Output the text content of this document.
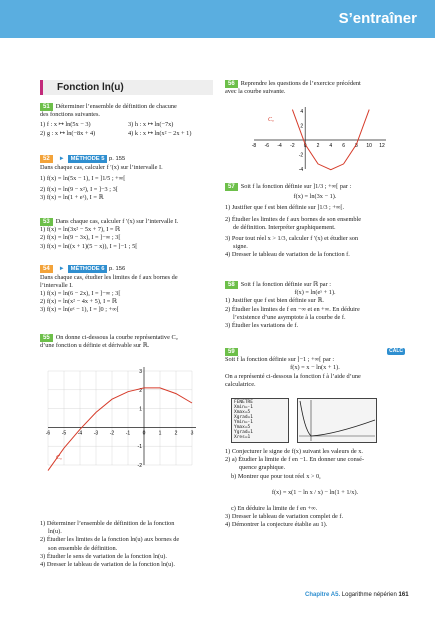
S’entraîner
Fonction ln(u)
51 Déterminer l’ensemble de définition de chacune
des fonctions suivantes.
1) f : x ↦ ln(5x − 3)	3) h : x ↦ ln(−7x)
2) g : x ↦ ln(−8x + 4)	4) k : x ↦ ln(x² − 2x + 1)
52 ► MÉTHODE 5 p. 155
Dans chaque cas, calculer f ′(x) sur l’intervalle I.
1) f(x) = ln(5x − 1), I = ]1/5 ; +∞[
2) f(x) = ln(9 − x²), I = ]−3 ; 3[
3) f(x) = ln(1 + eˣ), I = ℝ
53 Dans chaque cas, calculer f ′(x) sur l’intervalle I.
1) f(x) = ln(3x² − 5x + 7), I = ℝ
2) f(x) = ln(9 − 3x), I = ]−∞ ; 3[
3) f(x) = ln((x + 1)(5 − x)), I = ]−1 ; 5[
54 ► MÉTHODE 6 p. 156
Dans chaque cas, étudier les limites de f aux bornes de
l’intervalle I.
1) f(x) = ln(6 − 2x), I = ]−∞ ; 3[
2) f(x) = ln(x² − 4x + 5), I = ℝ
3) f(x) = ln(eˣ − 1), I = ]0 ; +∞[
55 On donne ci-dessous la courbe représentative Cᵤ
d’une fonction u définie et dérivable sur ℝ.
-6 -5 -4 -3 -2 -1 0	1	2	3
-2
-1
1
2
3
Cᵤ
1) Déterminer l’ensemble de définition de la fonction
ln(u).
2) Étudier les limites de la fonction ln(u) aux bornes de
son ensemble de définition.
3) Étudier le sens de variation de la fonction ln(u).
4) Dresser le tableau de variation de la fonction ln(u).
56 Reprendre les questions de l’exercice précédent
avec la courbe suivante.
-8 -6 -4 -2 0 2 4 6 8 10 12
-4
-2
2
4
Cᵤ
57 Soit f la fonction définie sur ]1/3 ; +∞[ par :
f(x) = ln(3x − 1).
1) Justifier que f est bien définie sur ]1/3 ; +∞[.
2) Étudier les limites de f aux bornes de son ensemble
de définition. Interpréter graphiquement.
3) Pour tout réel x > 1/3, calculer f ′(x) et étudier son
signe.
4) Dresser le tableau de variation de la fonction f.
58 Soit f la fonction définie sur ℝ par :
f(x) = ln(eˣ + 1).
1) Justifier que f est bien définie sur ℝ.
2) Étudier les limites de f en −∞ et en +∞. En déduire
l’existence d’une asymptote à la courbe de f.
3) Étudier les variations de f.
59	CALC
Soit f la fonction définie sur ]−1 ; +∞[ par :
f(x) = x − ln(x + 1).
On a représenté ci-dessous la fonction f à l’aide d’une
calculatrice.
FENETRE
Xmin=-1
Xmax=5
Xgrad=1
Ymin=-1
Ymax=5
Ygrad=1
Xres=1
1) Conjecturer le signe de f(x) suivant les valeurs de x.
2) a) Étudier la limite de f en −1. En donner une consé-
quence graphique.
b) Montrer que pour tout réel x > 0,
f(x) = x(1 − ln x / x) − ln(1 + 1/x).
c) En déduire la limite de f en +∞.
3) Dresser le tableau de variation complet de f.
4) Démontrer la conjecture établie au 1).
Chapitre A5. Logarithme népérien 161
